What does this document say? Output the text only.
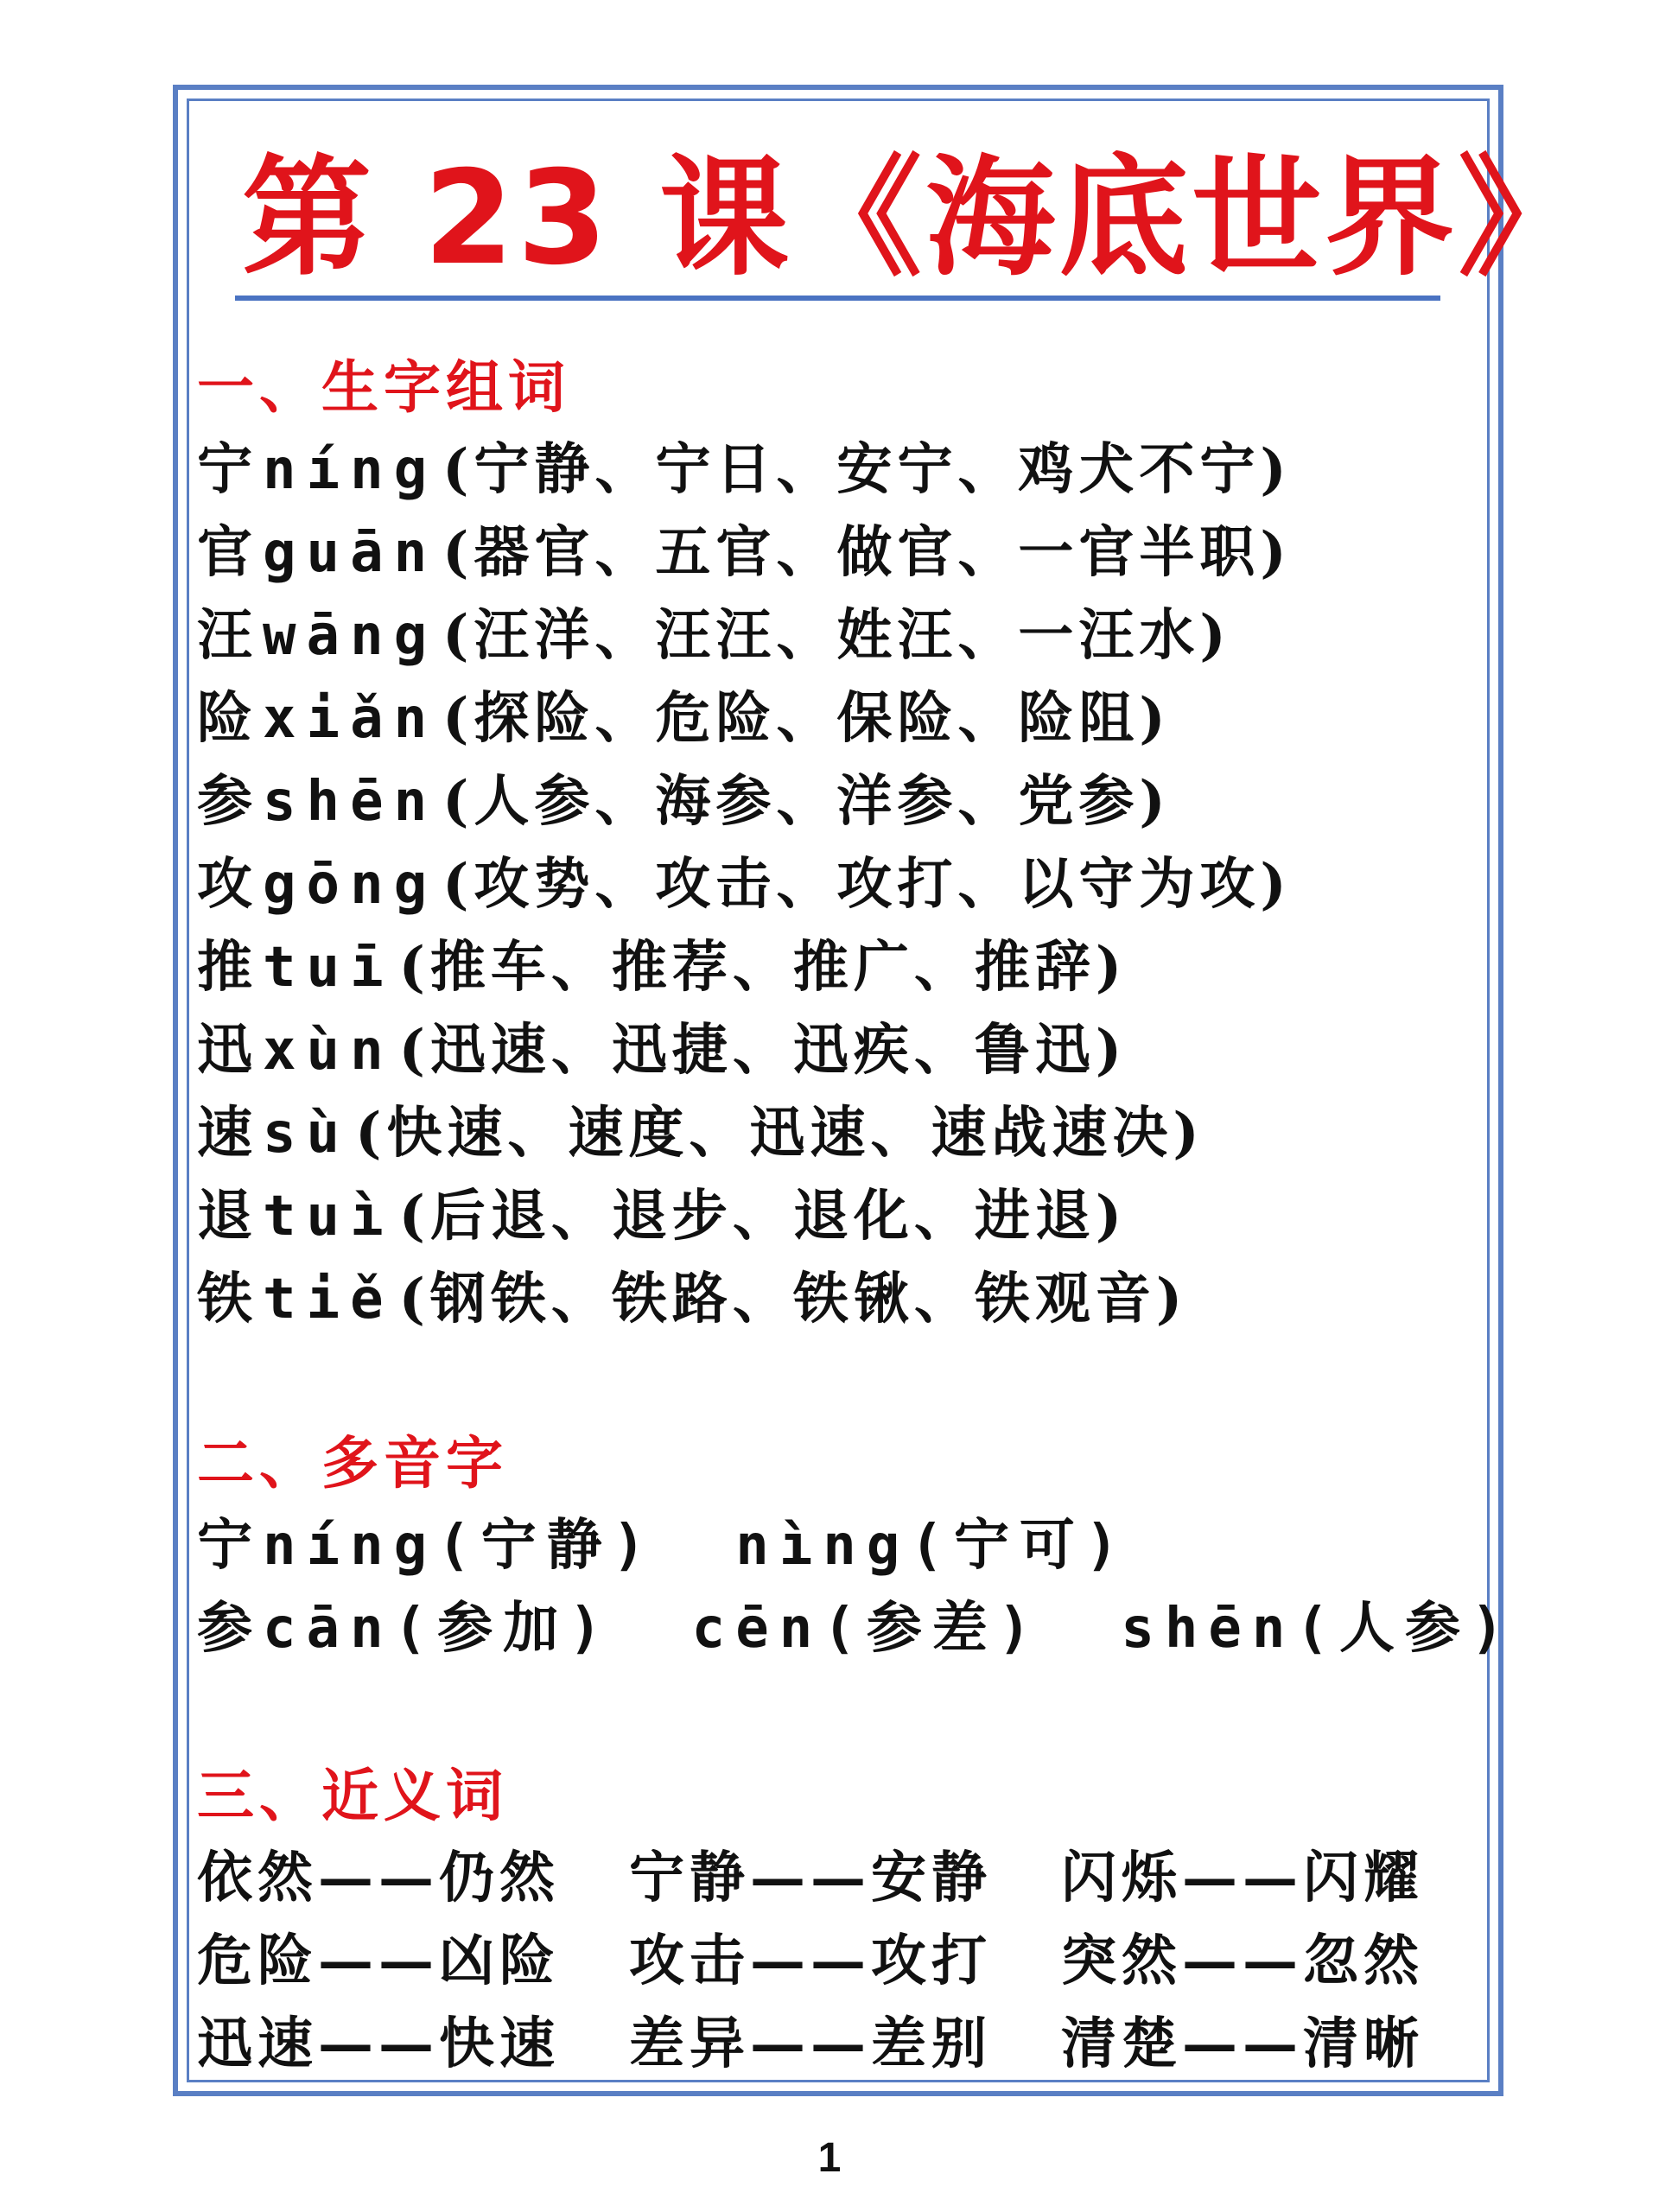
第 23 课《海底世界》
一、生字组词
宁níng(宁静、宁日、安宁、鸡犬不宁)
官guān(器官、五官、做官、一官半职)
汪wāng(汪洋、汪汪、姓汪、一汪水)
险xiǎn(探险、危险、保险、险阻)
参shēn(人参、海参、洋参、党参)
攻gōng(攻势、攻击、攻打、以守为攻)
推tuī(推车、推荐、推广、推辞)
迅xùn(迅速、迅捷、迅疾、鲁迅)
速sù(快速、速度、迅速、速战速决)
退tuì(后退、退步、退化、进退)
铁tiě(钢铁、铁路、铁锹、铁观音)
二、多音字
宁níng(宁静) nìng(宁可)
参cān(参加) cēn(参差) shēn(人参)
三、近义词
依然——仍然	宁静——安静	闪烁——闪耀
危险——凶险	攻击——攻打	突然——忽然
迅速——快速	差异——差别	清楚——清晰
1
